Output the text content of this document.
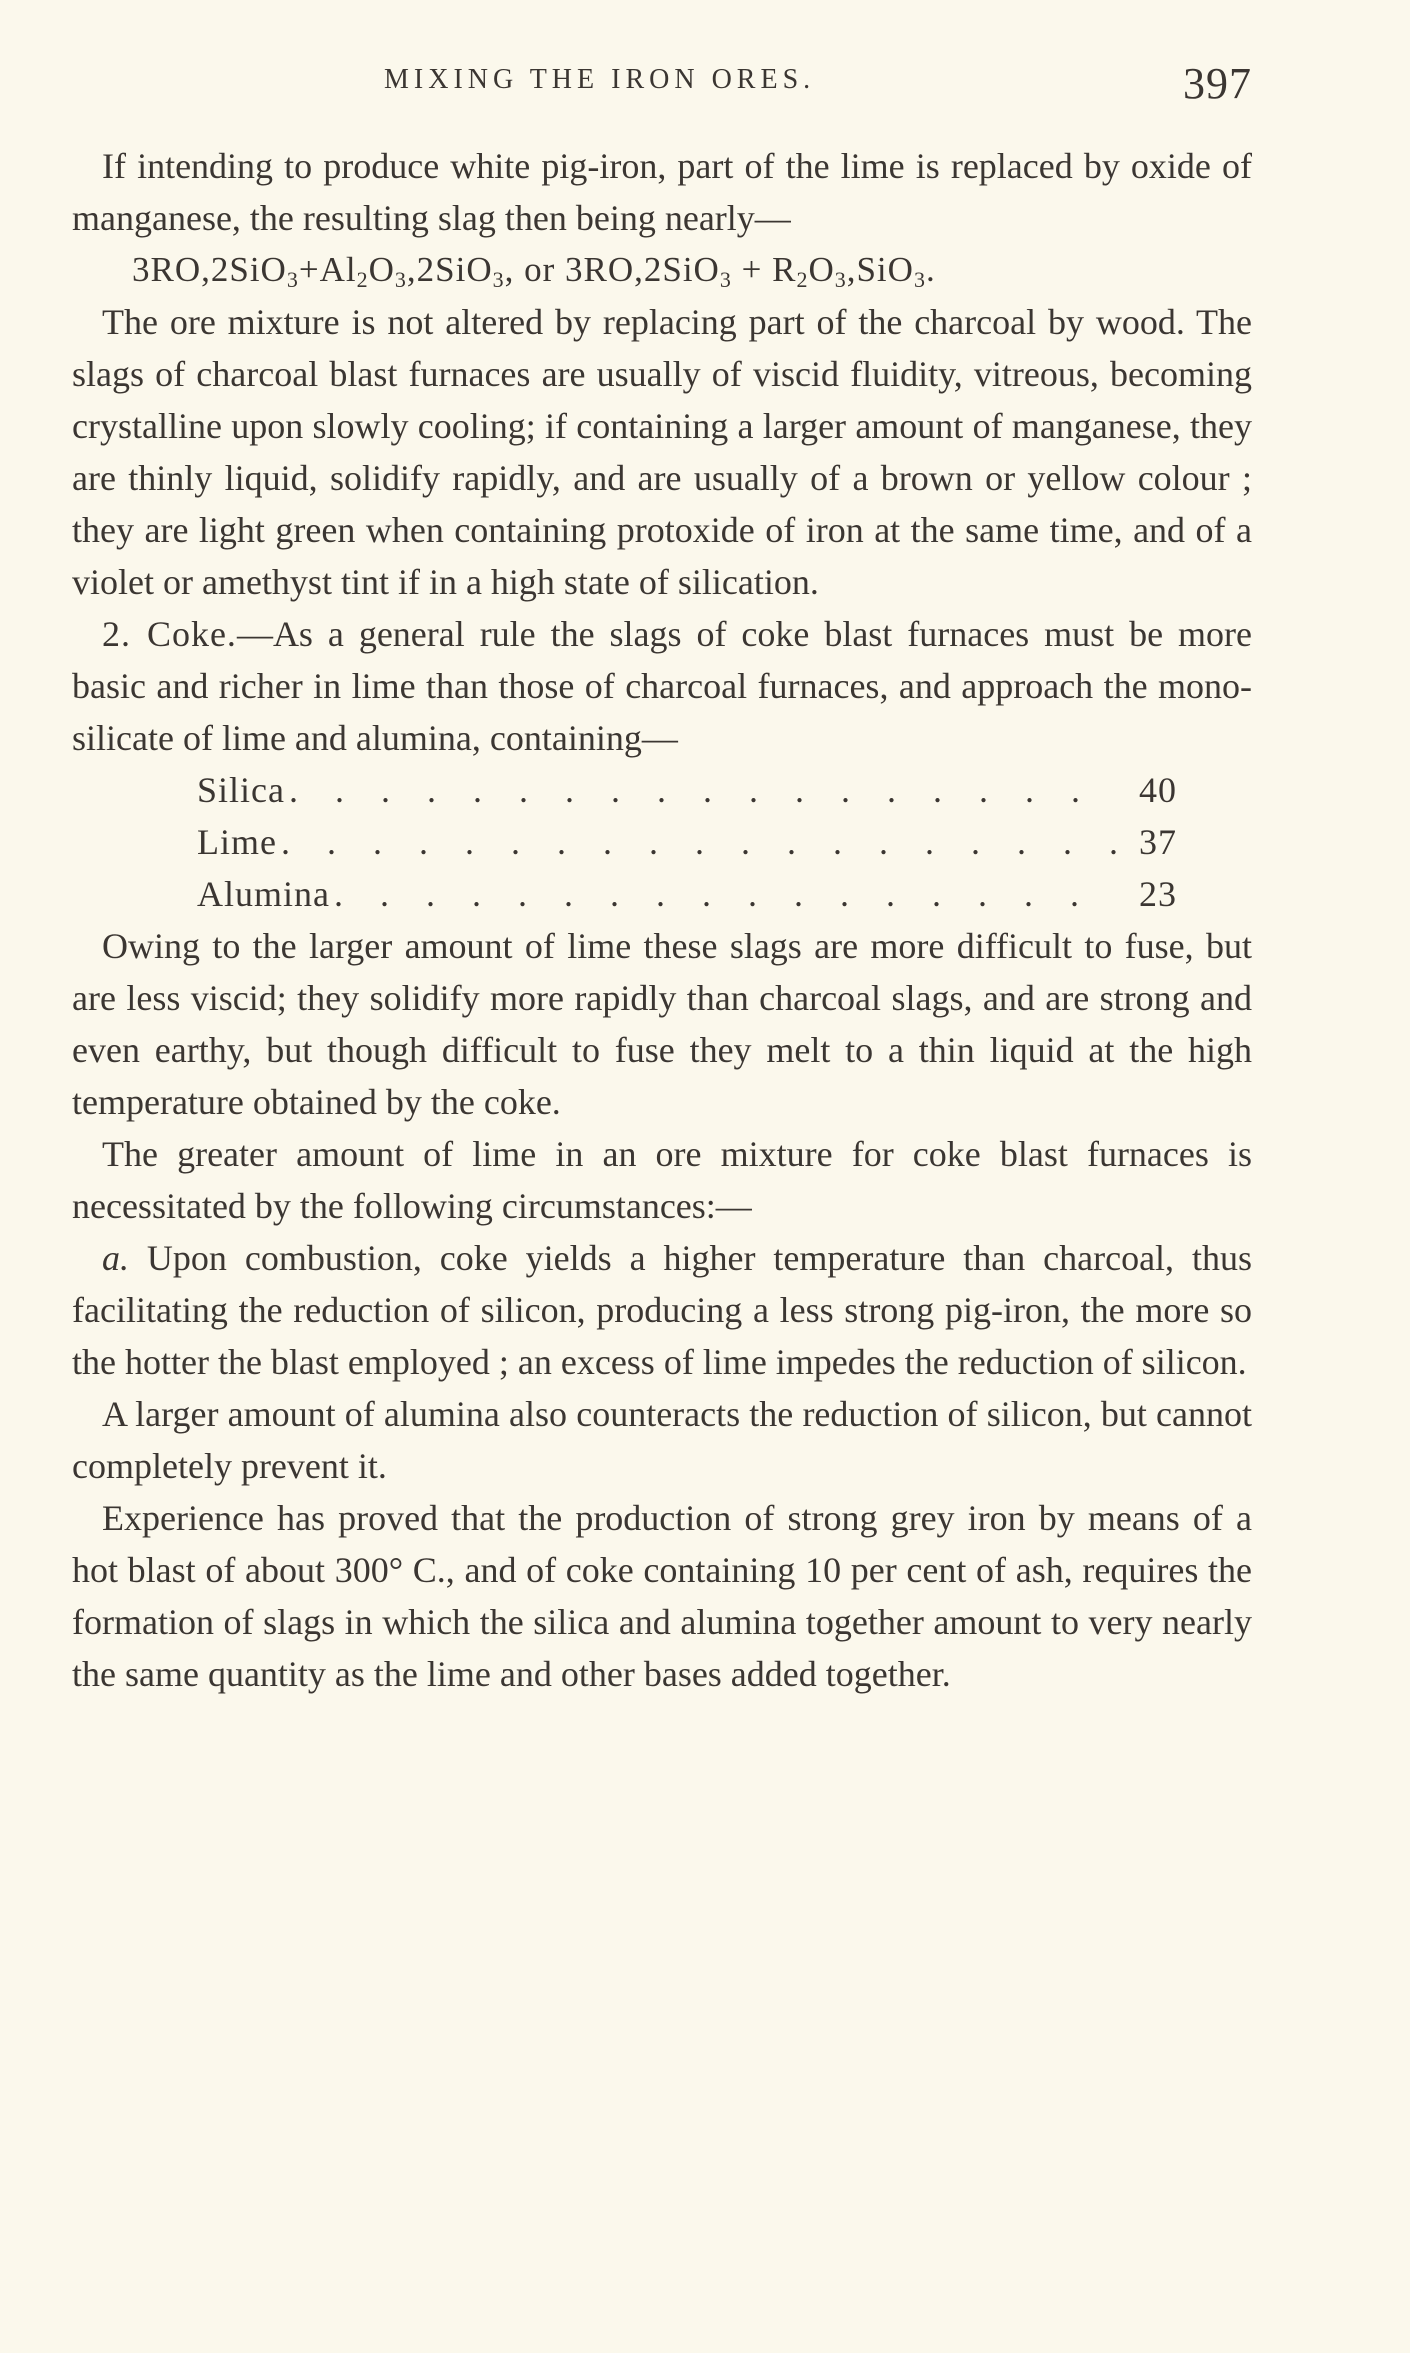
MIXING THE IRON ORES.	397

If intending to produce white pig-iron, part of the lime is replaced by oxide of manganese, the resulting slag then being nearly—

$3RO,2SiO_3+Al_2O_3,2SiO_3$, or $3RO,2SiO_3 + R_2O_3,SiO_3$.

The ore mixture is not altered by replacing part of the charcoal by wood. The slags of charcoal blast furnaces are usually of viscid fluidity, vitreous, becoming crystalline upon slowly cooling; if containing a larger amount of manganese, they are thinly liquid, solidify rapidly, and are usually of a brown or yellow colour ; they are light green when containing protoxide of iron at the same time, and of a violet or amethyst tint if in a high state of silication.

2. Coke.—As a general rule the slags of coke blast furnaces must be more basic and richer in lime than those of charcoal furnaces, and approach the mono-silicate of lime and alumina, containing—

Silica . . .	40
Lime . . .	37
Alumina . . .	23

Owing to the larger amount of lime these slags are more difficult to fuse, but are less viscid; they solidify more rapidly than charcoal slags, and are strong and even earthy, but though difficult to fuse they melt to a thin liquid at the high temperature obtained by the coke.

The greater amount of lime in an ore mixture for coke blast furnaces is necessitated by the following circumstances:—

a. Upon combustion, coke yields a higher temperature than charcoal, thus facilitating the reduction of silicon, producing a less strong pig-iron, the more so the hotter the blast employed ; an excess of lime impedes the reduction of silicon.

A larger amount of alumina also counteracts the reduction of silicon, but cannot completely prevent it.

Experience has proved that the production of strong grey iron by means of a hot blast of about 300° C., and of coke containing 10 per cent of ash, requires the formation of slags in which the silica and alumina together amount to very nearly the same quantity as the lime and other bases added together.
